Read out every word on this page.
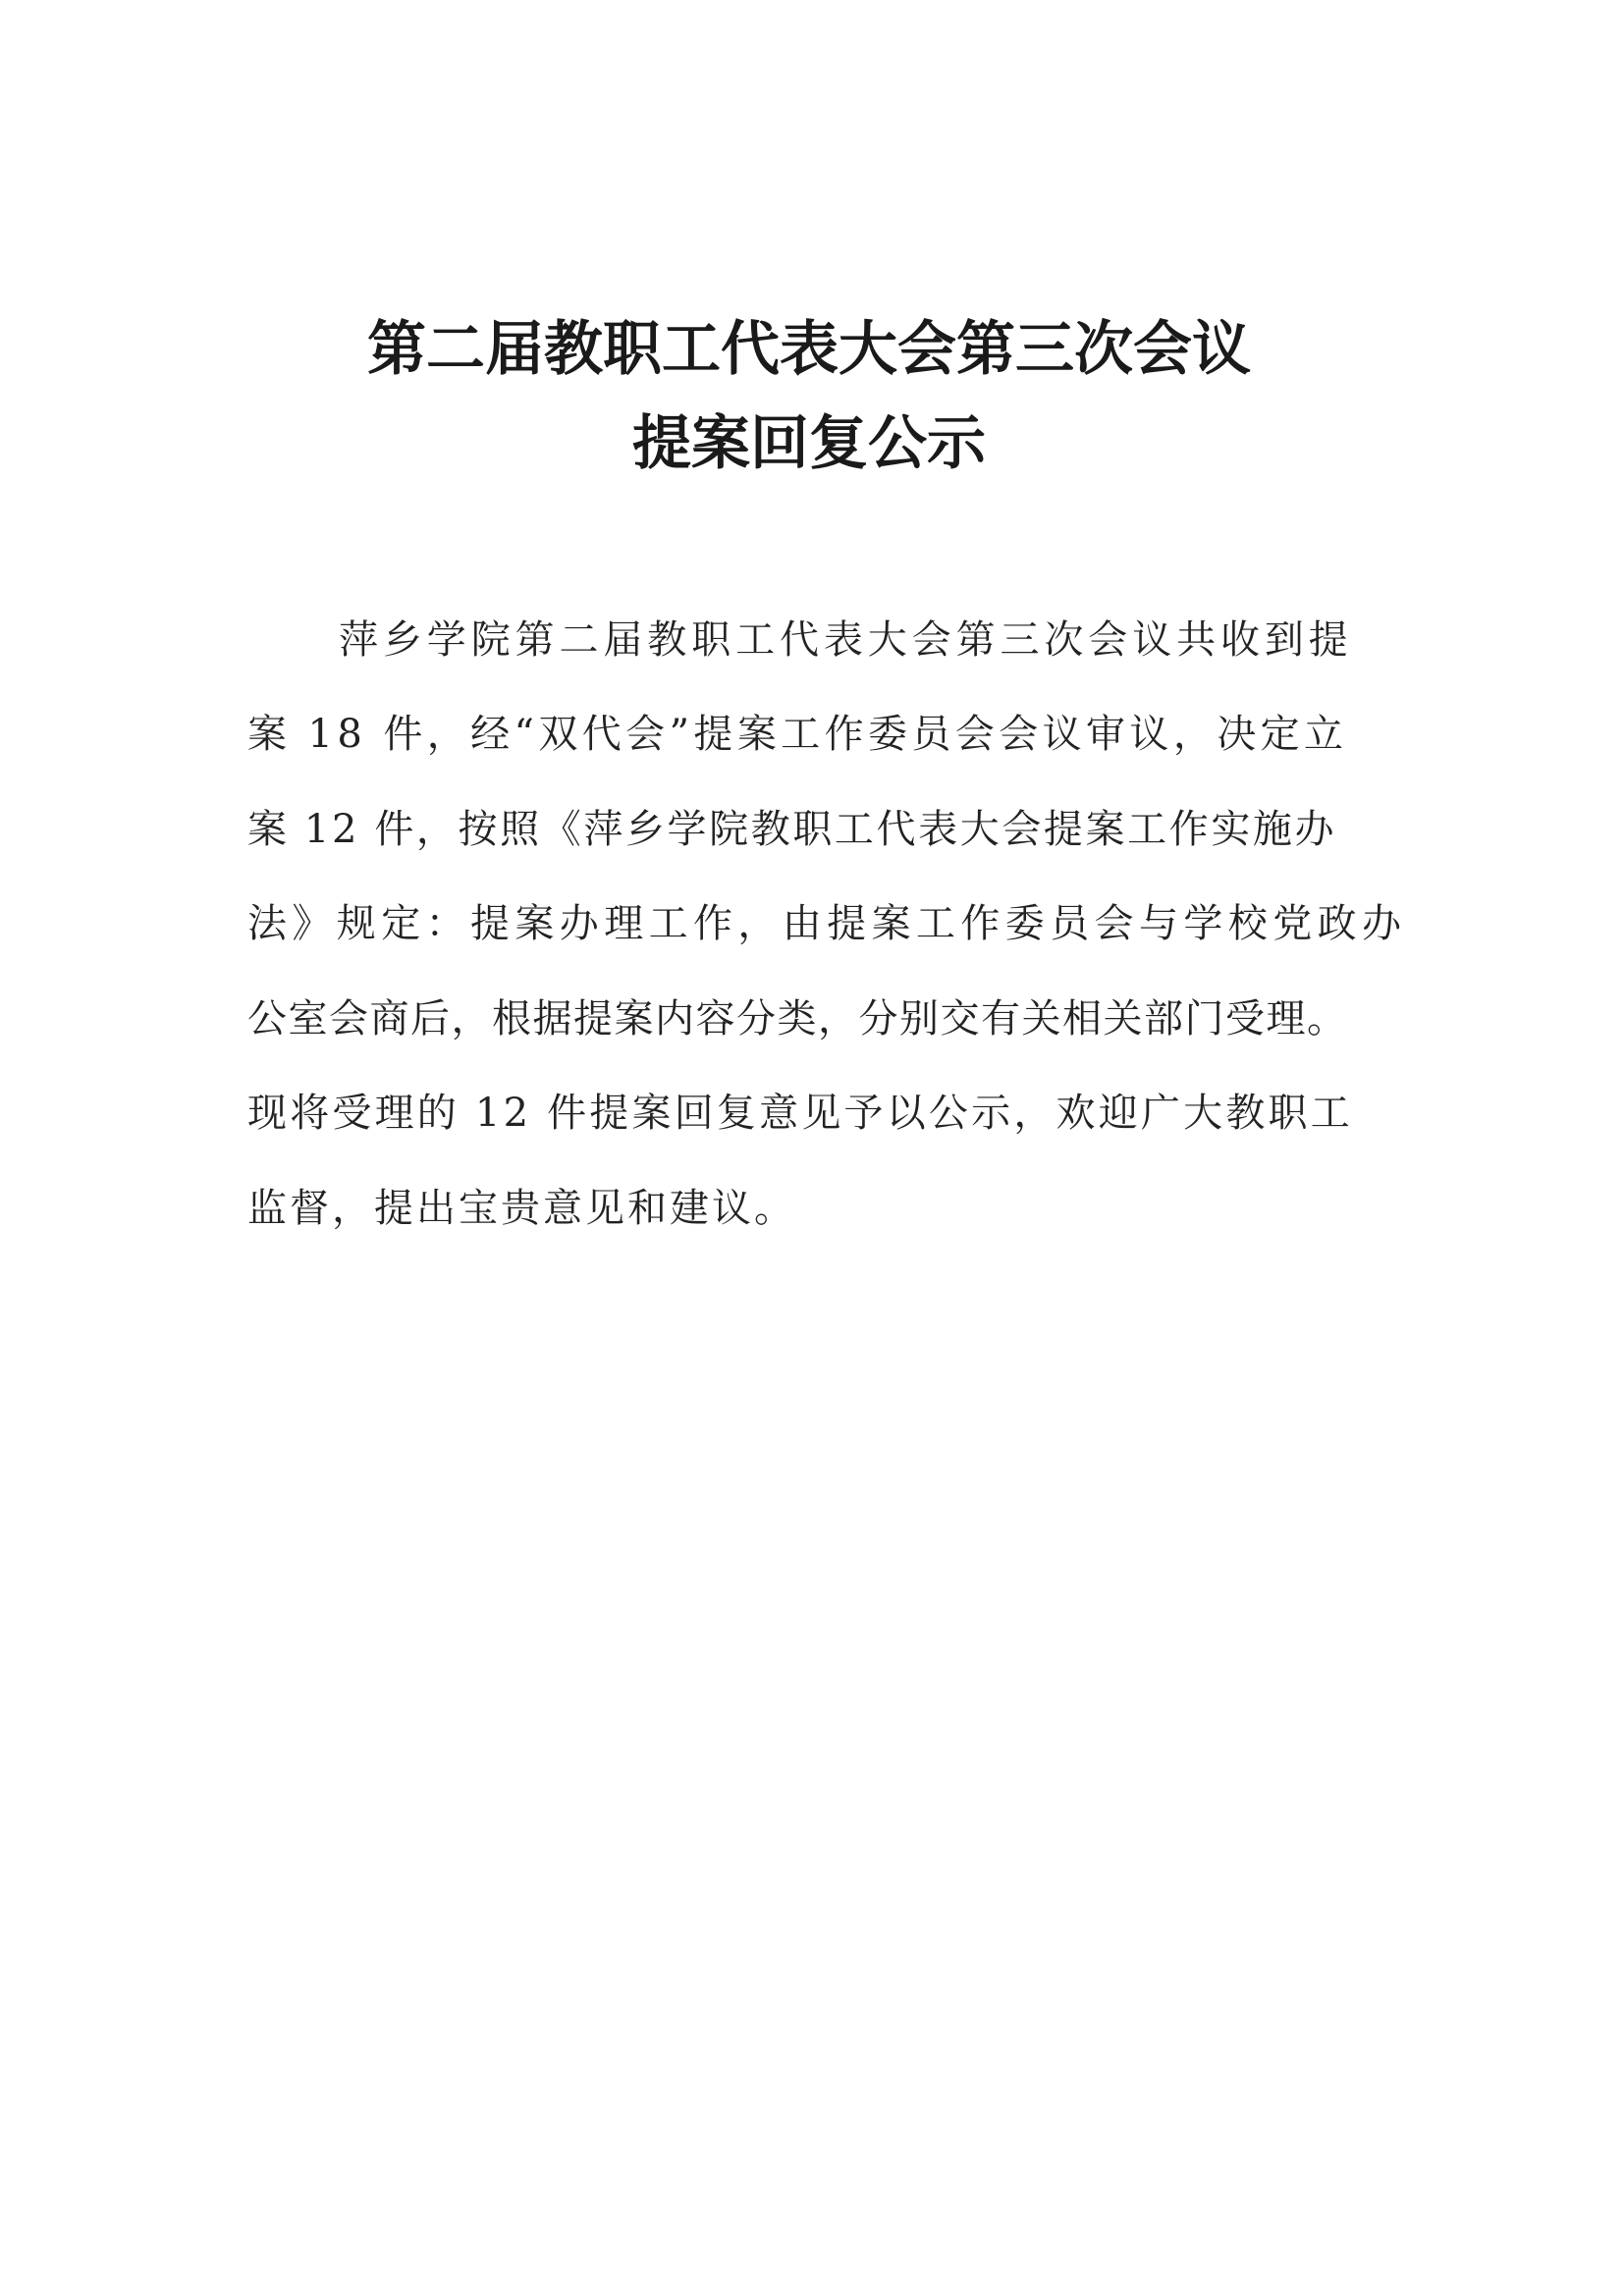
第二届教职工代表大会第三次会议
提案回复公示
萍乡学院第二届教职工代表大会第三次会议共收到提
案 18 件，经“双代会”提案工作委员会会议审议，决定立
案 12 件，按照《萍乡学院教职工代表大会提案工作实施办
法》规定：提案办理工作，由提案工作委员会与学校党政办
公室会商后，根据提案内容分类，分别交有关相关部门受理。
现将受理的 12 件提案回复意见予以公示，欢迎广大教职工
监督，提出宝贵意见和建议。
